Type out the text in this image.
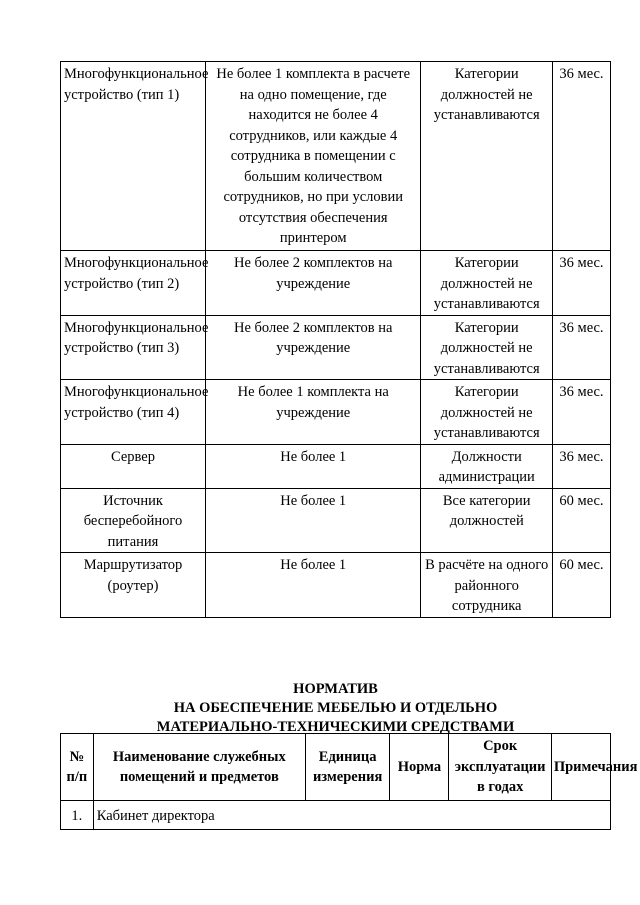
Многофункциональное устройство (тип 1)	Не более 1 комплекта в расчете на одно помещение, где находится не более 4 сотрудников, или каждые 4 сотрудника в помещении с большим количеством сотрудников, но при условии отсутствия обеспечения принтером	Категории должностей не устанавливаются	36 мес.
Многофункциональное устройство (тип 2)	Не более 2 комплектов на учреждение	Категории должностей не устанавливаются	36 мес.
Многофункциональное устройство (тип 3)	Не более 2 комплектов на учреждение	Категории должностей не устанавливаются	36 мес.
Многофункциональное устройство (тип 4)	Не более 1 комплекта на учреждение	Категории должностей не устанавливаются	36 мес.
Сервер	Не более 1	Должности администрации	36 мес.
Источник бесперебойного питания	Не более 1	Все категории должностей	60 мес.
Маршрутизатор (роутер)	Не более 1	В расчёте на одного районного сотрудника	60 мес.
НОРМАТИВ
НА ОБЕСПЕЧЕНИЕ МЕБЕЛЬЮ И ОТДЕЛЬНО
МАТЕРИАЛЬНО-ТЕХНИЧЕСКИМИ СРЕДСТВАМИ
№ п/п	Наименование служебных помещений и предметов	Единица измерения	Норма	Срок эксплуатации в годах	Примечания
1.	Кабинет директора				
